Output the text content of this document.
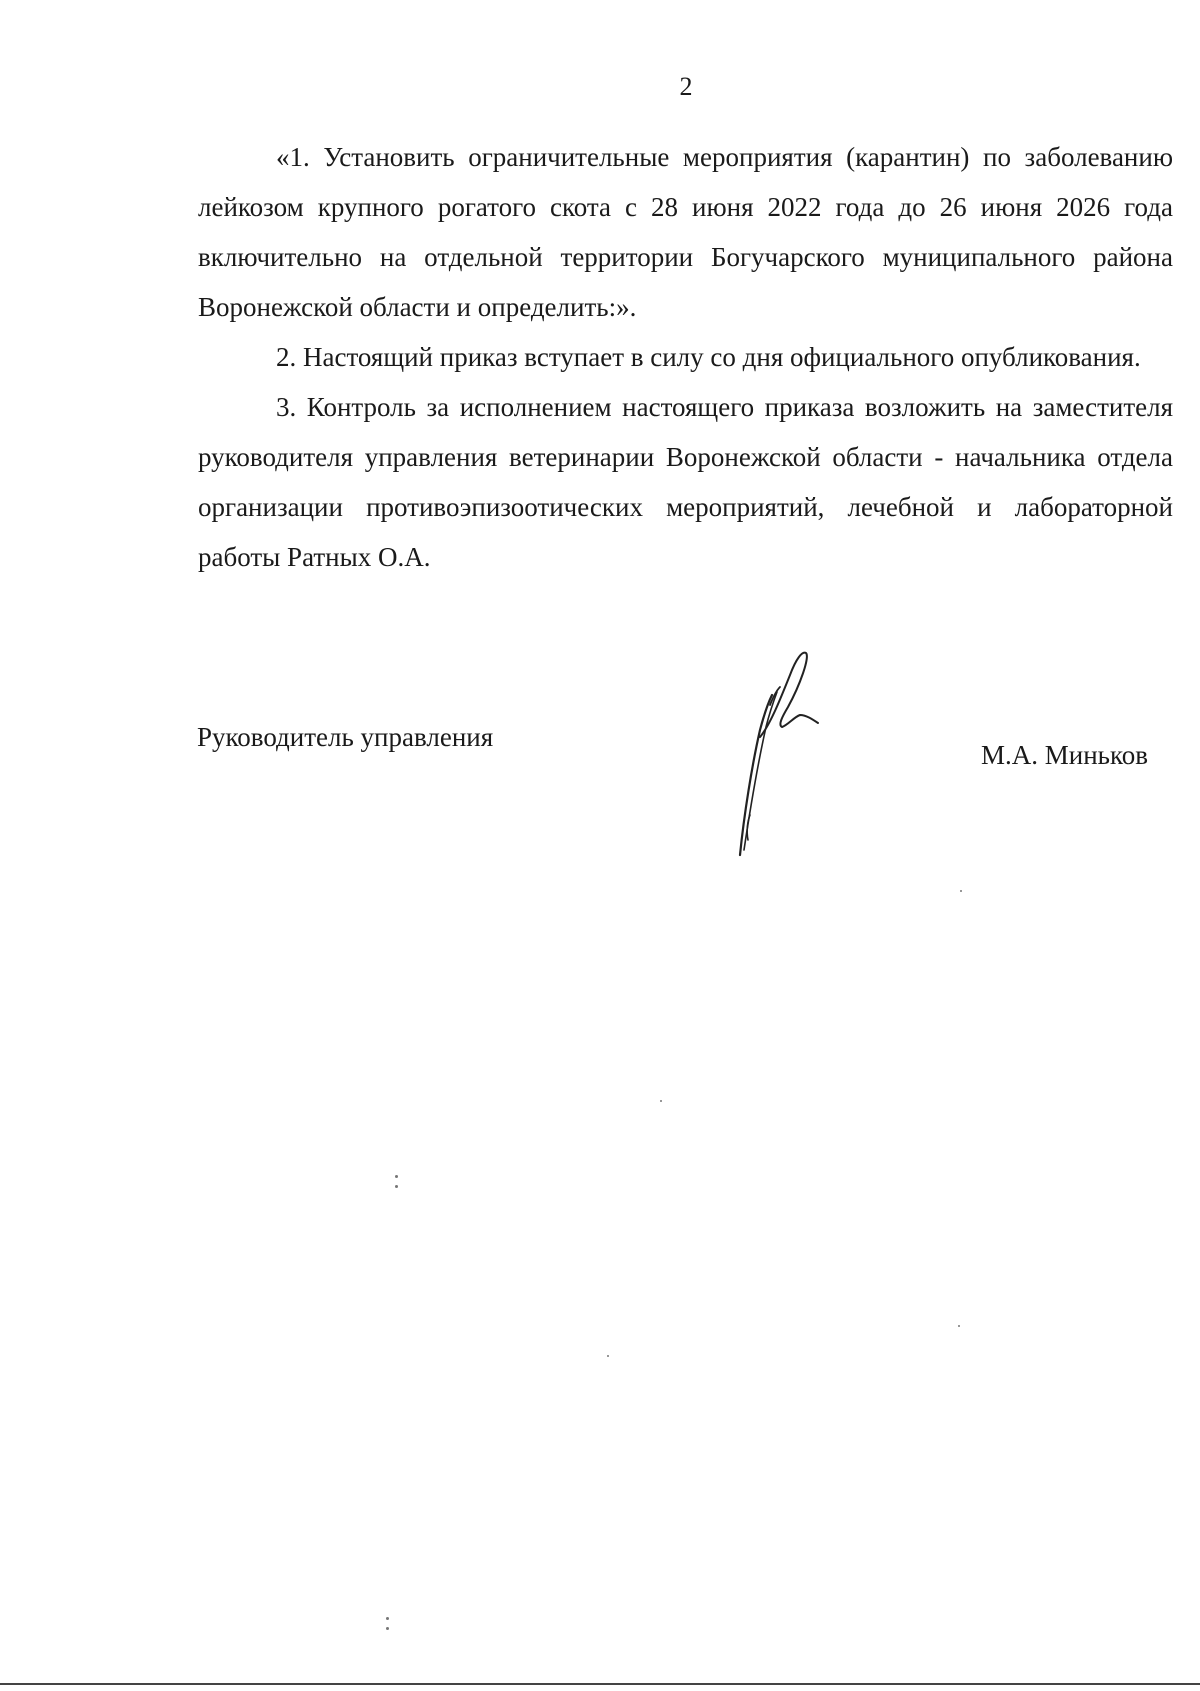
2

«1. Установить ограничительные мероприятия (карантин) по заболеванию лейкозом крупного рогатого скота с 28 июня 2022 года до 26 июня 2026 года включительно на отдельной территории Богучарского муниципального района Воронежской области и определить:».

2. Настоящий приказ вступает в силу со дня официального опубликования.

3. Контроль за исполнением настоящего приказа возложить на заместителя руководителя управления ветеринарии Воронежской области - начальника отдела организации противоэпизоотических мероприятий, лечебной и лабораторной работы Ратных О.А.

Руководитель управления
М.А. Миньков
